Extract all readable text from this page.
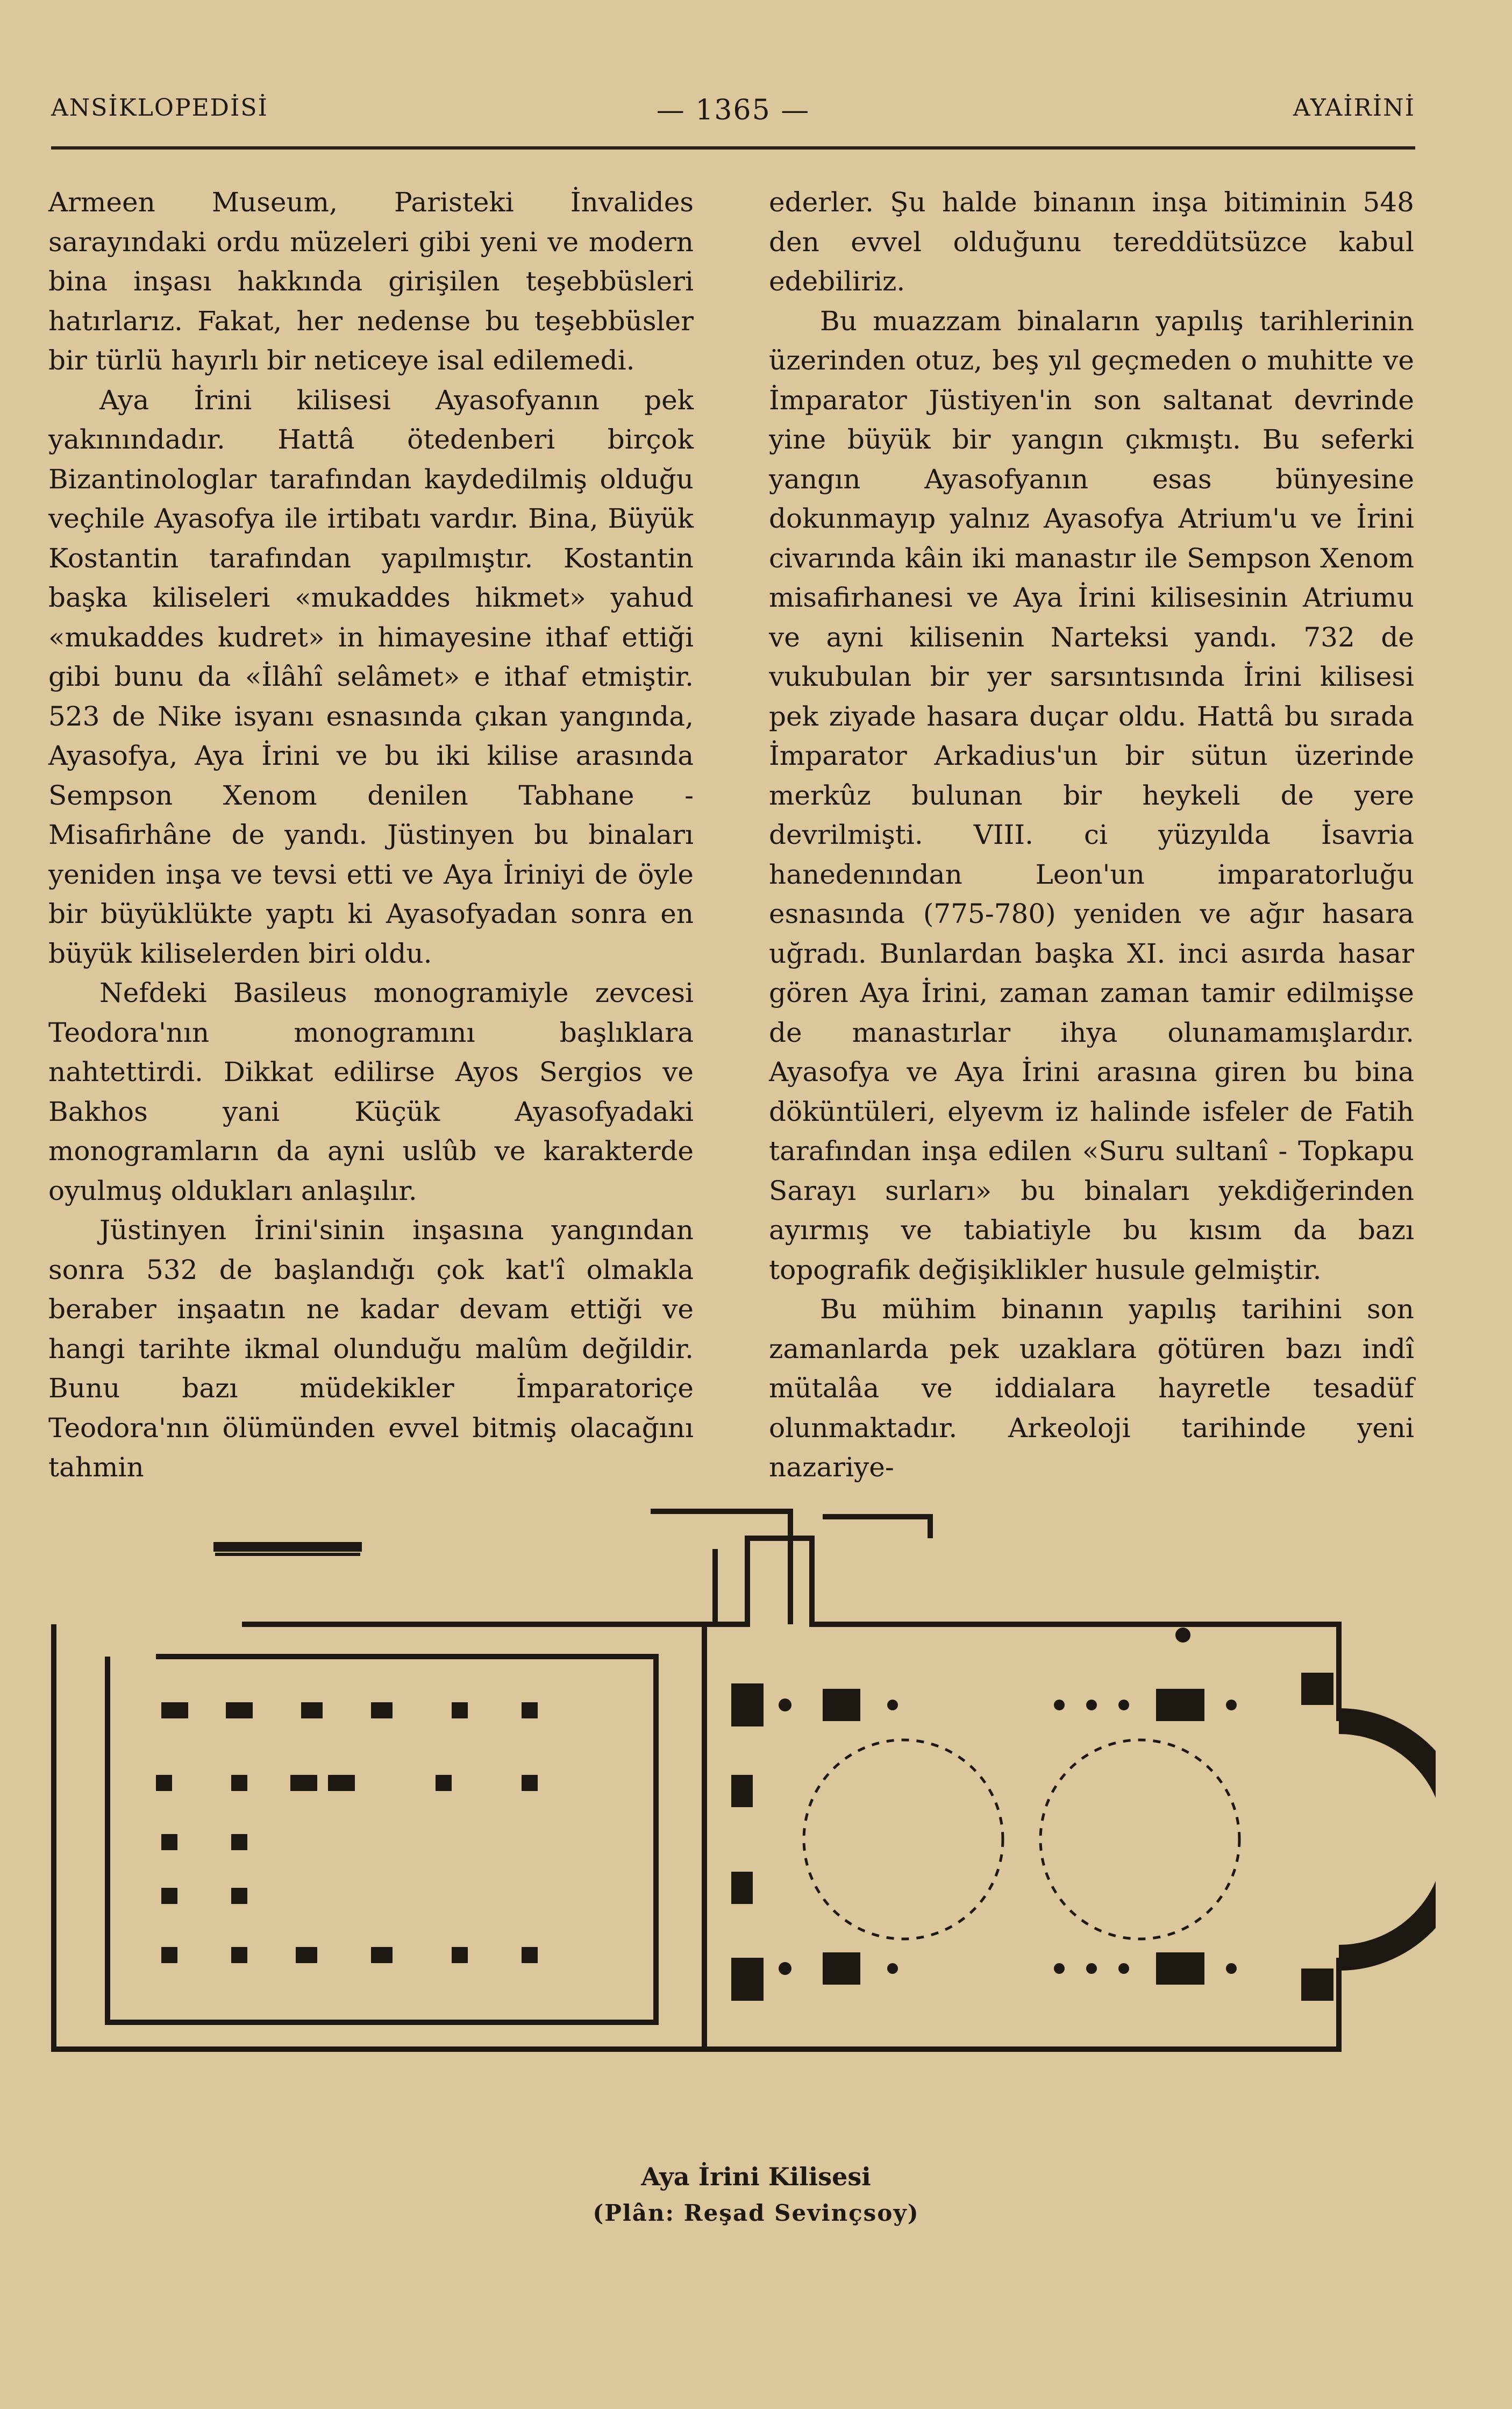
ANSİKLOPEDİSİ	— 1365 —	AYAİRİNİ

Armeen Museum, Paristeki İnvalides sarayındaki ordu müzeleri gibi yeni ve modern bina inşası hakkında girişilen teşebbüsleri hatırlarız. Fakat, her nedense bu teşebbüsler bir türlü hayırlı bir neticeye isal edilemedi.

Aya İrini kilisesi Ayasofyanın pek yakınındadır. Hattâ ötedenberi birçok Bizantinologlar tarafından kaydedilmiş olduğu veçhile Ayasofya ile irtibatı vardır. Bina, Büyük Kostantin tarafından yapılmıştır. Kostantin başka kiliseleri «mukaddes hikmet» yahud «mukaddes kudret» in himayesine ithaf ettiği gibi bunu da «İlâhî selâmet» e ithaf etmiştir. 523 de Nike isyanı esnasında çıkan yangında, Ayasofya, Aya İrini ve bu iki kilise arasında Sempson Xenom denilen Tabhane - Misafirhâne de yandı. Jüstinyen bu binaları yeniden inşa ve tevsi etti ve Aya İriniyi de öyle bir büyüklükte yaptı ki Ayasofyadan sonra en büyük kiliselerden biri oldu.

Nefdeki Basileus monogramiyle zevcesi Teodora'nın monogramını başlıklara nahtettirdi. Dikkat edilirse Ayos Sergios ve Bakhos yani Küçük Ayasofyadaki monogramların da ayni uslûb ve karakterde oyulmuş oldukları anlaşılır.

Jüstinyen İrini'sinin inşasına yangından sonra 532 de başlandığı çok kat'î olmakla beraber inşaatın ne kadar devam ettiği ve hangi tarihte ikmal olunduğu malûm değildir. Bunu bazı müdekikler İmparatoriçe Teodora'nın ölümünden evvel bitmiş olacağını tahmin

ederler. Şu halde binanın inşa bitiminin 548 den evvel olduğunu tereddütsüzce kabul edebiliriz.

Bu muazzam binaların yapılış tarihlerinin üzerinden otuz, beş yıl geçmeden o muhitte ve İmparator Jüstiyen'in son saltanat devrinde yine büyük bir yangın çıkmıştı. Bu seferki yangın Ayasofyanın esas bünyesine dokunmayıp yalnız Ayasofya Atrium'u ve İrini civarında kâin iki manastır ile Sempson Xenom misafirhanesi ve Aya İrini kilisesinin Atriumu ve ayni kilisenin Narteksi yandı. 732 de vukubulan bir yer sarsıntısında İrini kilisesi pek ziyade hasara duçar oldu. Hattâ bu sırada İmparator Arkadius'un bir sütun üzerinde merkûz bulunan bir heykeli de yere devrilmişti. VIII. ci yüzyılda İsavria hanedenından Leon'un imparatorluğu esnasında (775-780) yeniden ve ağır hasara uğradı. Bunlardan başka XI. inci asırda hasar gören Aya İrini, zaman zaman tamir edilmişse de manastırlar ihya olunamamışlardır. Ayasofya ve Aya İrini arasına giren bu bina döküntüleri, elyevm iz halinde isfeler de Fatih tarafından inşa edilen «Suru sultanî - Topkapu Sarayı surları» bu binaları yekdiğerinden ayırmış ve tabiatiyle bu kısım da bazı topografik değişiklikler husule gelmiştir.

Bu mühim binanın yapılış tarihini son zamanlarda pek uzaklara götüren bazı indî mütalâa ve iddialara hayretle tesadüf olunmaktadır. Arkeoloji tarihinde yeni nazariye-

Aya İrini Kilisesi
(Plân: Reşad Sevinçsoy)
